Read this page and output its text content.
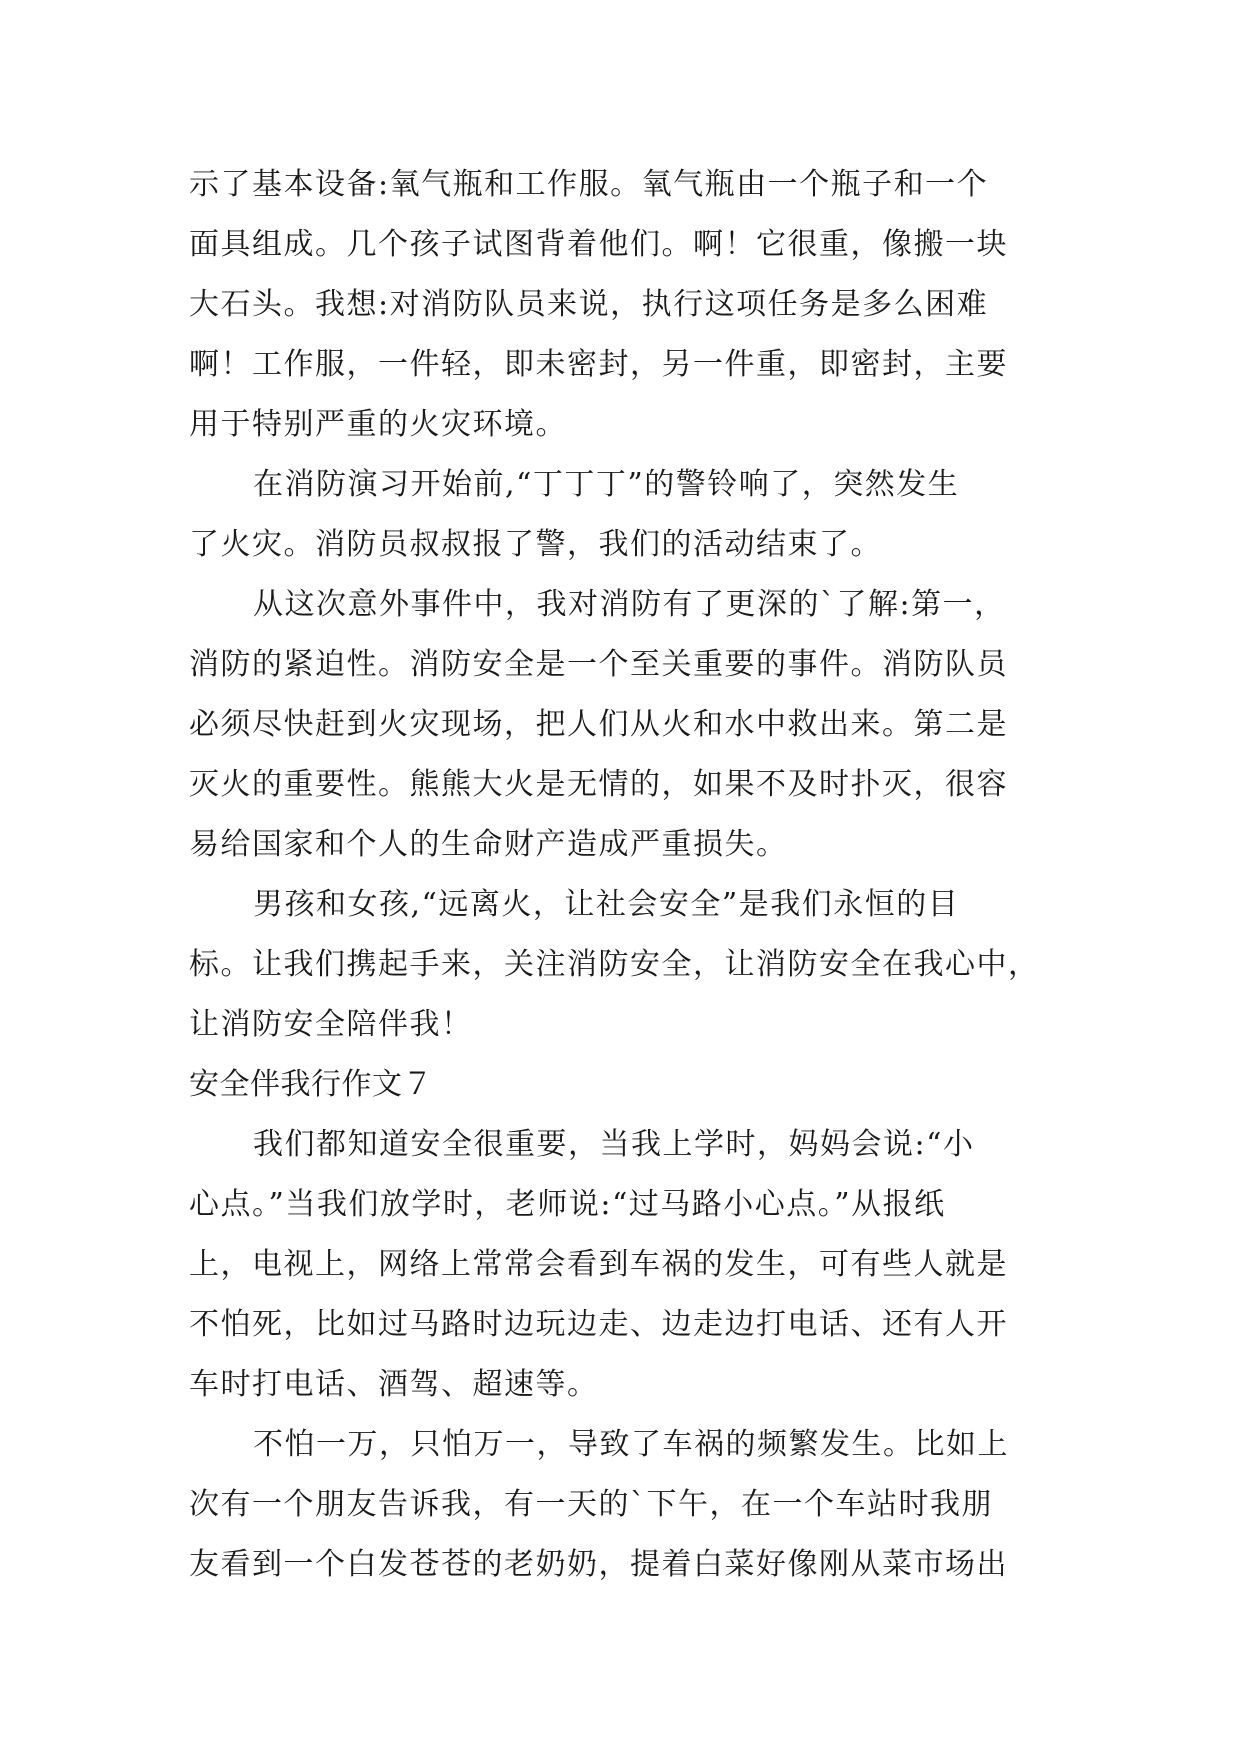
示了基本设备:氧气瓶和工作服。氧气瓶由一个瓶子和一个
面具组成。几个孩子试图背着他们。啊！它很重，像搬一块
大石头。我想:对消防队员来说，执行这项任务是多么困难
啊！工作服，一件轻，即未密封，另一件重，即密封，主要
用于特别严重的火灾环境。
在消防演习开始前,“丁丁丁”的警铃响了，突然发生
了火灾。消防员叔叔报了警，我们的活动结束了。
从这次意外事件中，我对消防有了更深的`了解:第一，
消防的紧迫性。消防安全是一个至关重要的事件。消防队员
必须尽快赶到火灾现场，把人们从火和水中救出来。第二是
灭火的重要性。熊熊大火是无情的，如果不及时扑灭，很容
易给国家和个人的生命财产造成严重损失。
男孩和女孩,“远离火，让社会安全”是我们永恒的目
标。让我们携起手来，关注消防安全，让消防安全在我心中，
让消防安全陪伴我！
安全伴我行作文７
我们都知道安全很重要，当我上学时，妈妈会说:“小
心点。”当我们放学时，老师说:“过马路小心点。”从报纸
上，电视上，网络上常常会看到车祸的发生，可有些人就是
不怕死，比如过马路时边玩边走、边走边打电话、还有人开
车时打电话、酒驾、超速等。
不怕一万，只怕万一，导致了车祸的频繁发生。比如上
次有一个朋友告诉我，有一天的`下午，在一个车站时我朋
友看到一个白发苍苍的老奶奶，提着白菜好像刚从菜市场出
